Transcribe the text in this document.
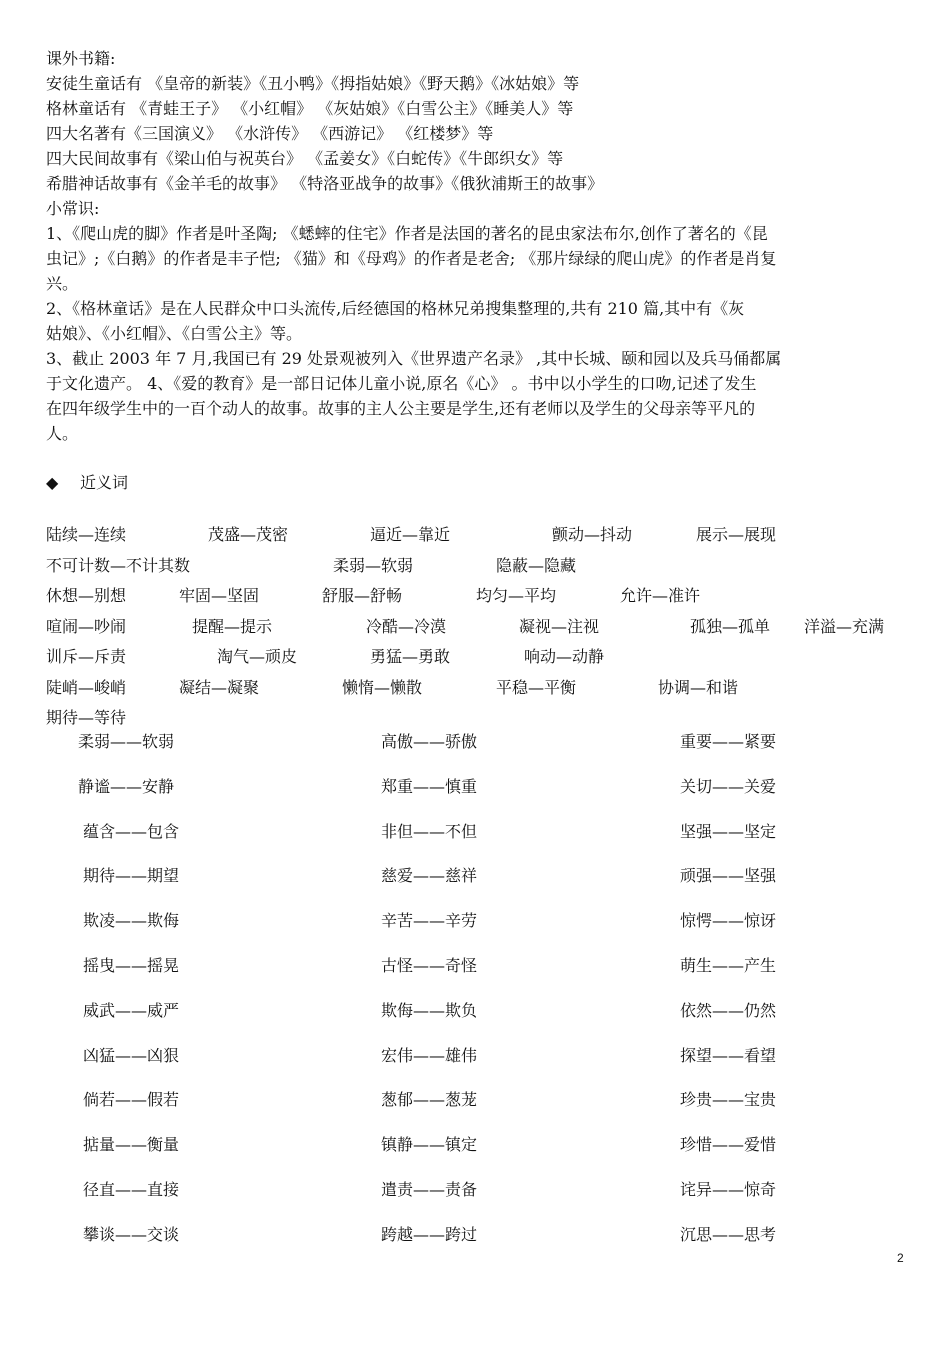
课外书籍:
安徒生童话有 《皇帝的新装》《丑小鸭》《拇指姑娘》《野天鹅》《冰姑娘》等
格林童话有 《青蛙王子》 《小红帽》 《灰姑娘》《白雪公主》《睡美人》等
四大名著有《三国演义》 《水浒传》 《西游记》 《红楼梦》等
四大民间故事有《梁山伯与祝英台》 《孟姜女》《白蛇传》《牛郎织女》等
希腊神话故事有《金羊毛的故事》 《特洛亚战争的故事》《俄狄浦斯王的故事》
小常识:
1、《爬山虎的脚》作者是叶圣陶; 《蟋蟀的住宅》作者是法国的著名的昆虫家法布尔,创作了著名的《昆
虫记》;《白鹅》的作者是丰子恺; 《猫》和《母鸡》的作者是老舍; 《那片绿绿的爬山虎》的作者是肖复
兴。
2、《格林童话》是在人民群众中口头流传,后经德国的格林兄弟搜集整理的,共有 210 篇,其中有《灰
姑娘》、《小红帽》、《白雪公主》等。
3、截止 2003 年 7 月,我国已有 29 处景观被列入《世界遗产名录》 ,其中长城、颐和园以及兵马俑都属
于文化遗产。 4、《爱的教育》是一部日记体儿童小说,原名《心》 。书中以小学生的口吻,记述了发生
在四年级学生中的一百个动人的故事。故事的主人公主要是学生,还有老师以及学生的父母亲等平凡的
人。
◆ 近义词
陆续—连续	茂盛—茂密	逼近—靠近	颤动—抖动	展示—展现
不可计数—不计其数	柔弱—软弱	隐蔽—隐藏
休想—别想	牢固—坚固	舒服—舒畅	均匀—平均	允许—准许
喧闹—吵闹	提醒—提示	冷酷—冷漠	凝视—注视	孤独—孤单 洋溢—充满
训斥—斥责	淘气—顽皮	勇猛—勇敢	响动—动静
陡峭—峻峭	凝结—凝聚	懒惰—懒散	平稳—平衡	协调—和谐
期待—等待
柔弱——软弱	高傲——骄傲	重要——紧要
静谧——安静	郑重——慎重	关切——关爱
蕴含——包含	非但——不但	坚强——坚定
期待——期望	慈爱——慈祥	顽强——坚强
欺凌——欺侮	辛苦——辛劳	惊愕——惊讶
摇曳——摇晃	古怪——奇怪	萌生——产生
威武——威严	欺侮——欺负	依然——仍然
凶猛——凶狠	宏伟——雄伟	探望——看望
倘若——假若	葱郁——葱茏	珍贵——宝贵
掂量——衡量	镇静——镇定	珍惜——爱惜
径直——直接	遣责——责备	诧异——惊奇
攀谈——交谈	跨越——跨过	沉思——思考
2
